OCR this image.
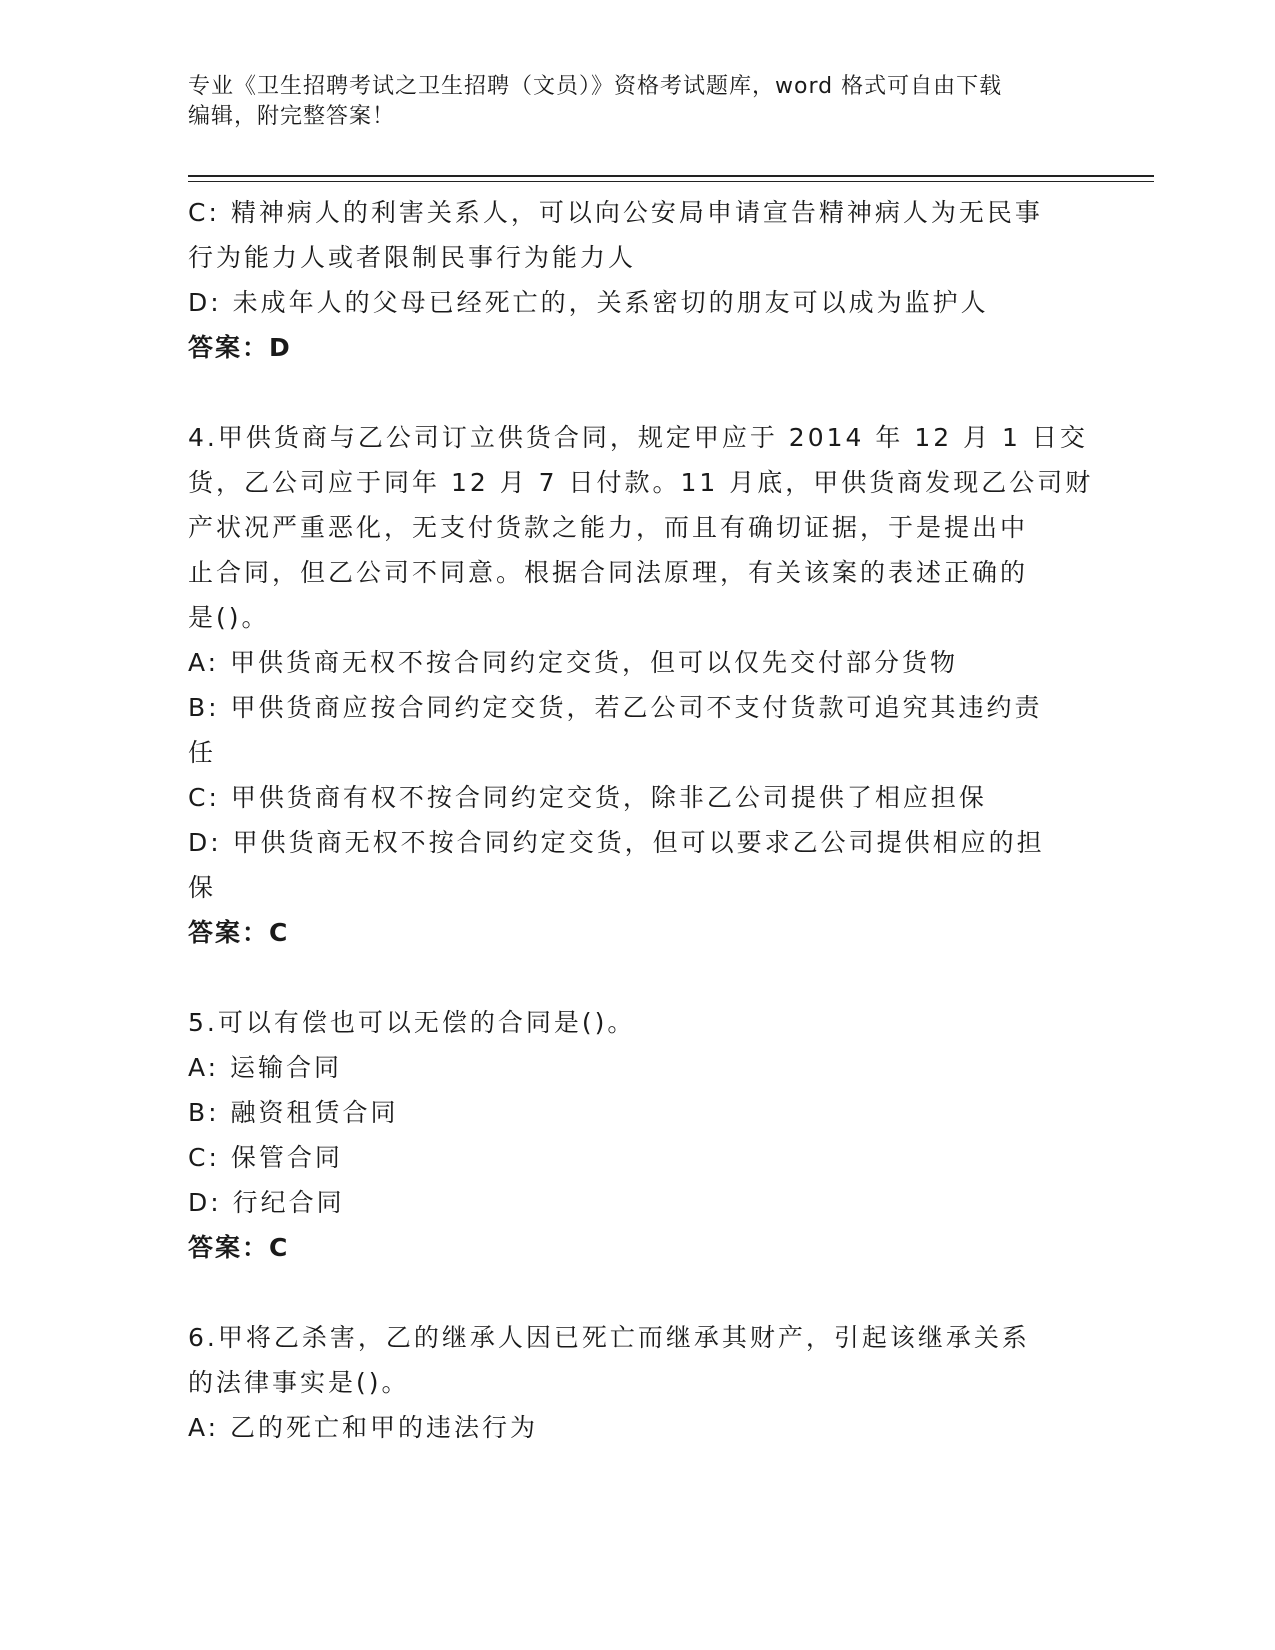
专业《卫生招聘考试之卫生招聘（文员）》资格考试题库，word 格式可自由下载
编辑，附完整答案！
C: 精神病人的利害关系人，可以向公安局申请宣告精神病人为无民事
行为能力人或者限制民事行为能力人
D: 未成年人的父母已经死亡的，关系密切的朋友可以成为监护人
答案：D
4.甲供货商与乙公司订立供货合同，规定甲应于 2014 年 12 月 1 日交
货，乙公司应于同年 12 月 7 日付款。11 月底，甲供货商发现乙公司财
产状况严重恶化，无支付货款之能力，而且有确切证据，于是提出中
止合同，但乙公司不同意。根据合同法原理，有关该案的表述正确的
是()。
A: 甲供货商无权不按合同约定交货，但可以仅先交付部分货物
B: 甲供货商应按合同约定交货，若乙公司不支付货款可追究其违约责
任
C: 甲供货商有权不按合同约定交货，除非乙公司提供了相应担保
D: 甲供货商无权不按合同约定交货，但可以要求乙公司提供相应的担
保
答案：C
5.可以有偿也可以无偿的合同是()。
A: 运输合同
B: 融资租赁合同
C: 保管合同
D: 行纪合同
答案：C
6.甲将乙杀害，乙的继承人因已死亡而继承其财产，引起该继承关系
的法律事实是()。
A: 乙的死亡和甲的违法行为
